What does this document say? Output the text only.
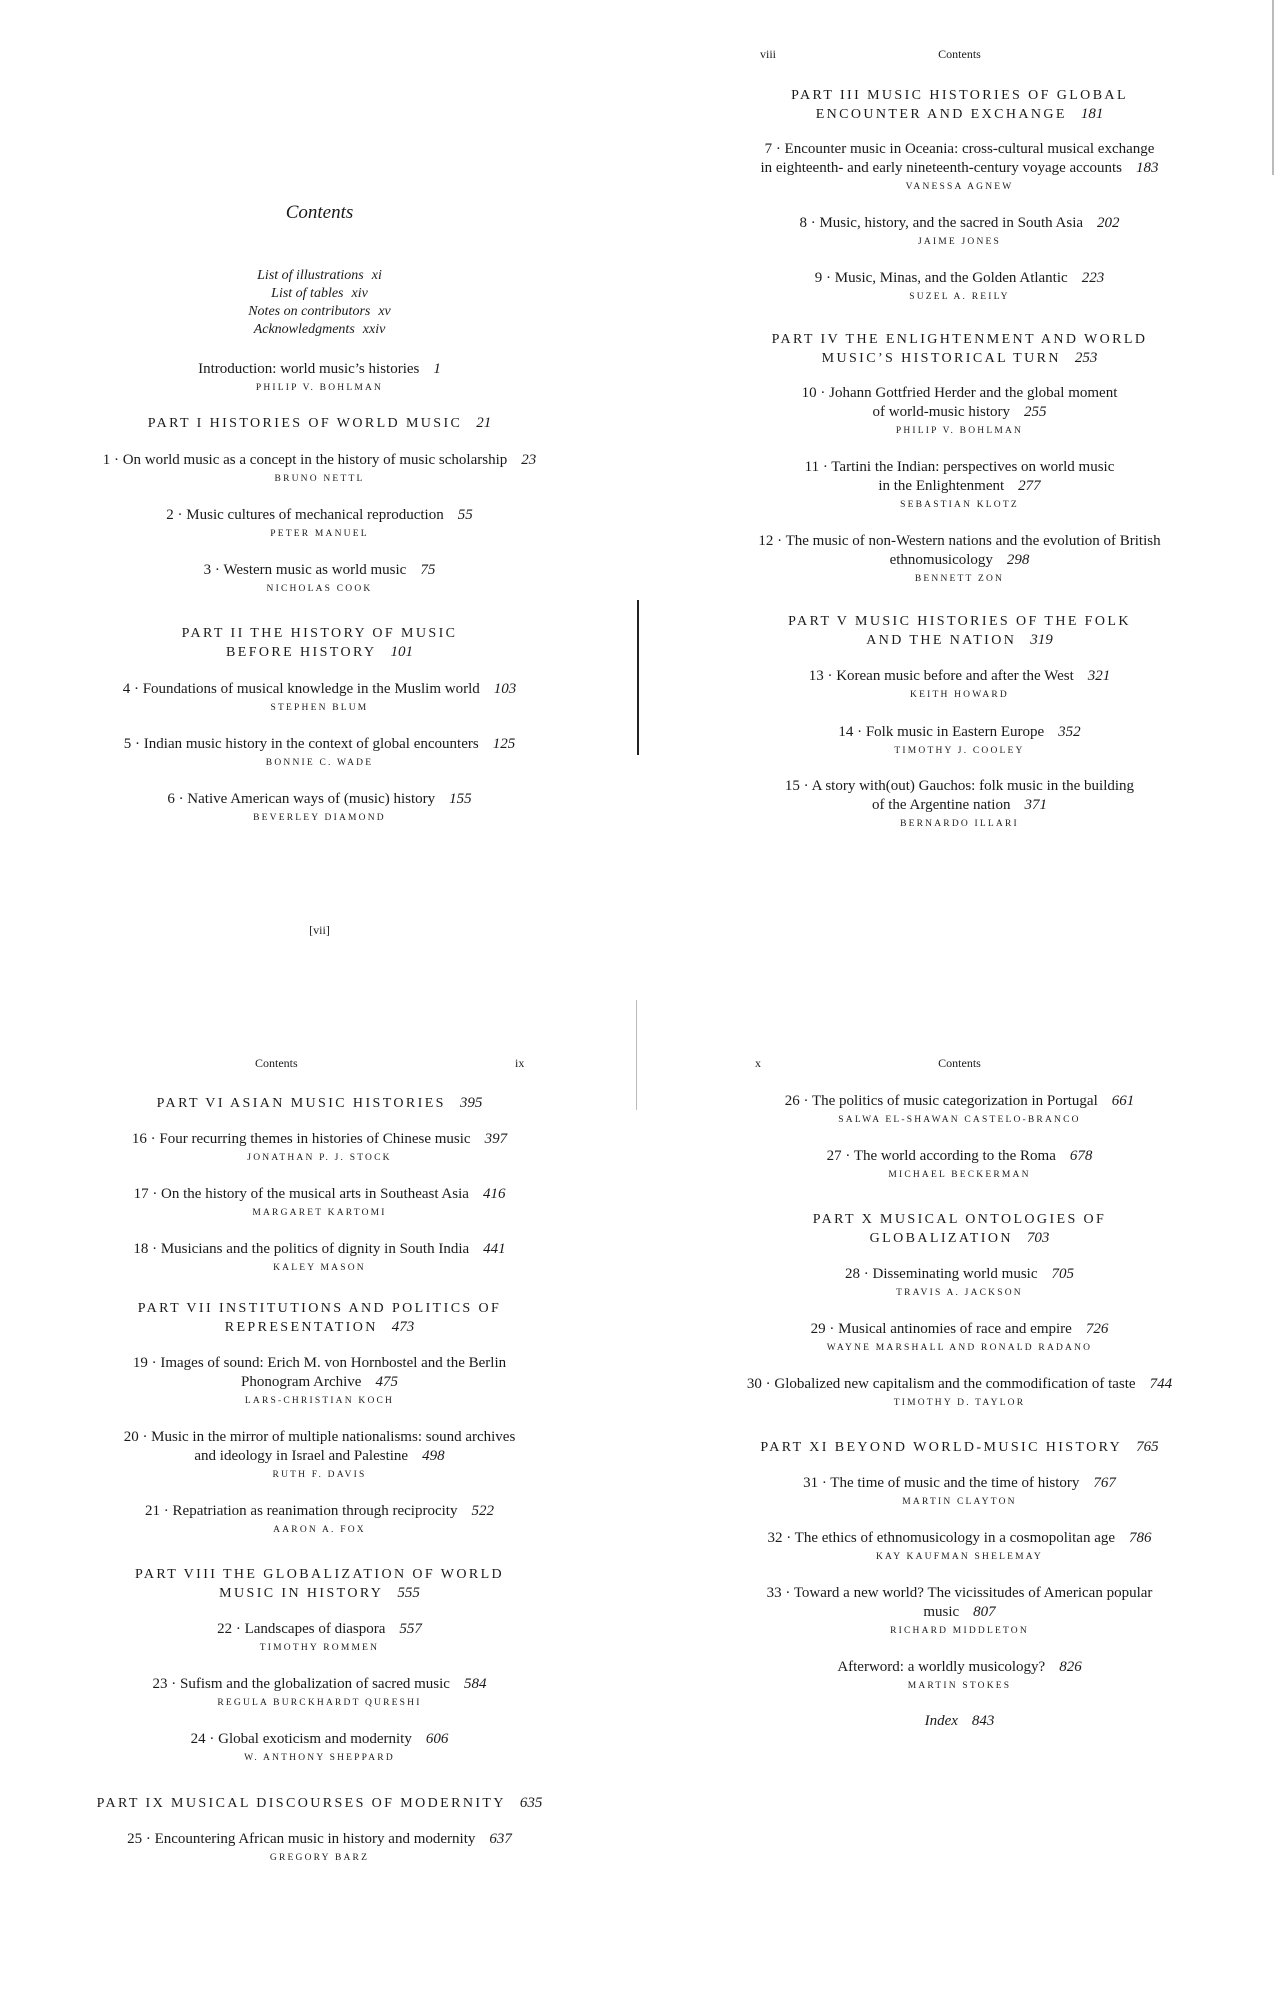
Contents
List of illustrations xi
List of tables xiv
Notes on contributors xv
Acknowledgments xxiv
Introduction: world music’s histories 1
PHILIP V. BOHLMAN
PART I HISTORIES OF WORLD MUSIC 21
1 · On world music as a concept in the history of music scholarship 23
BRUNO NETTL
2 · Music cultures of mechanical reproduction 55
PETER MANUEL
3 · Western music as world music 75
NICHOLAS COOK
PART II THE HISTORY OF MUSIC
BEFORE HISTORY 101
4 · Foundations of musical knowledge in the Muslim world 103
STEPHEN BLUM
5 · Indian music history in the context of global encounters 125
BONNIE C. WADE
6 · Native American ways of (music) history 155
BEVERLEY DIAMOND
[vii]
viii	Contents
PART III MUSIC HISTORIES OF GLOBAL
ENCOUNTER AND EXCHANGE 181
7 · Encounter music in Oceania: cross-cultural musical exchange
in eighteenth- and early nineteenth-century voyage accounts 183
VANESSA AGNEW
8 · Music, history, and the sacred in South Asia 202
JAIME JONES
9 · Music, Minas, and the Golden Atlantic 223
SUZEL A. REILY
PART IV THE ENLIGHTENMENT AND WORLD
MUSIC’S HISTORICAL TURN 253
10 · Johann Gottfried Herder and the global moment
of world-music history 255
PHILIP V. BOHLMAN
11 · Tartini the Indian: perspectives on world music
in the Enlightenment 277
SEBASTIAN KLOTZ
12 · The music of non-Western nations and the evolution of British
ethnomusicology 298
BENNETT ZON
PART V MUSIC HISTORIES OF THE FOLK
AND THE NATION 319
13 · Korean music before and after the West 321
KEITH HOWARD
14 · Folk music in Eastern Europe 352
TIMOTHY J. COOLEY
15 · A story with(out) Gauchos: folk music in the building
of the Argentine nation 371
BERNARDO ILLARI
Contents	ix
PART VI ASIAN MUSIC HISTORIES 395
16 · Four recurring themes in histories of Chinese music 397
JONATHAN P. J. STOCK
17 · On the history of the musical arts in Southeast Asia 416
MARGARET KARTOMI
18 · Musicians and the politics of dignity in South India 441
KALEY MASON
PART VII INSTITUTIONS AND POLITICS OF
REPRESENTATION 473
19 · Images of sound: Erich M. von Hornbostel and the Berlin
Phonogram Archive 475
LARS-CHRISTIAN KOCH
20 · Music in the mirror of multiple nationalisms: sound archives
and ideology in Israel and Palestine 498
RUTH F. DAVIS
21 · Repatriation as reanimation through reciprocity 522
AARON A. FOX
PART VIII THE GLOBALIZATION OF WORLD
MUSIC IN HISTORY 555
22 · Landscapes of diaspora 557
TIMOTHY ROMMEN
23 · Sufism and the globalization of sacred music 584
REGULA BURCKHARDT QURESHI
24 · Global exoticism and modernity 606
W. ANTHONY SHEPPARD
PART IX MUSICAL DISCOURSES OF MODERNITY 635
25 · Encountering African music in history and modernity 637
GREGORY BARZ
x	Contents
26 · The politics of music categorization in Portugal 661
SALWA EL-SHAWAN CASTELO-BRANCO
27 · The world according to the Roma 678
MICHAEL BECKERMAN
PART X MUSICAL ONTOLOGIES OF
GLOBALIZATION 703
28 · Disseminating world music 705
TRAVIS A. JACKSON
29 · Musical antinomies of race and empire 726
WAYNE MARSHALL AND RONALD RADANO
30 · Globalized new capitalism and the commodification of taste 744
TIMOTHY D. TAYLOR
PART XI BEYOND WORLD-MUSIC HISTORY 765
31 · The time of music and the time of history 767
MARTIN CLAYTON
32 · The ethics of ethnomusicology in a cosmopolitan age 786
KAY KAUFMAN SHELEMAY
33 · Toward a new world? The vicissitudes of American popular
music 807
RICHARD MIDDLETON
Afterword: a worldly musicology? 826
MARTIN STOKES
Index 843
